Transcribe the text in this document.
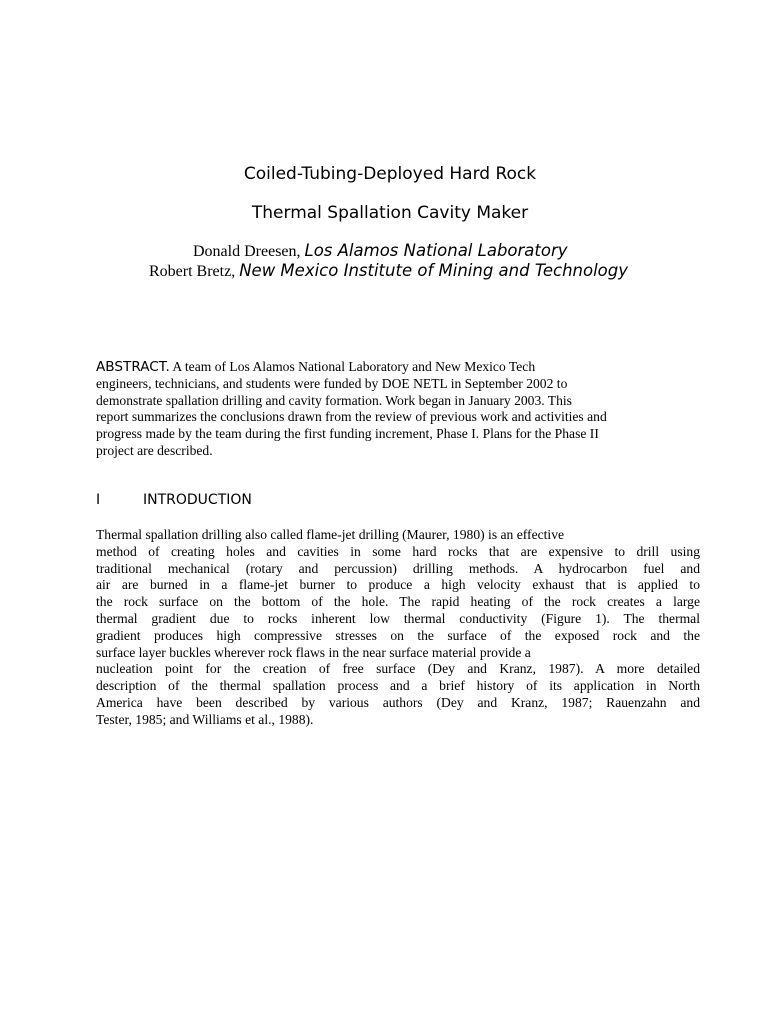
Coiled-Tubing-Deployed Hard Rock
Thermal Spallation Cavity Maker
Donald Dreesen, Los Alamos National Laboratory
Robert Bretz, New Mexico Institute of Mining and Technology
ABSTRACT. A team of Los Alamos National Laboratory and New Mexico Tech
engineers, technicians, and students were funded by DOE NETL in September 2002 to
demonstrate spallation drilling and cavity formation. Work began in January 2003. This
report summarizes the conclusions drawn from the review of previous work and activities and
progress made by the team during the first funding increment, Phase I. Plans for the Phase II
project are described.
I	INTRODUCTION
Thermal spallation drilling also called flame-jet drilling (Maurer, 1980) is an effective
method of creating holes and cavities in some hard rocks that are expensive to drill using
traditional mechanical (rotary and percussion) drilling methods. A hydrocarbon fuel and
air are burned in a flame-jet burner to produce a high velocity exhaust that is applied to
the rock surface on the bottom of the hole. The rapid heating of the rock creates a large
thermal gradient due to rocks inherent low thermal conductivity (Figure 1). The thermal
gradient produces high compressive stresses on the surface of the exposed rock and the
surface layer buckles wherever rock flaws in the near surface material provide a
nucleation point for the creation of free surface (Dey and Kranz, 1987). A more detailed
description of the thermal spallation process and a brief history of its application in North
America have been described by various authors (Dey and Kranz, 1987; Rauenzahn and
Tester, 1985; and Williams et al., 1988).
